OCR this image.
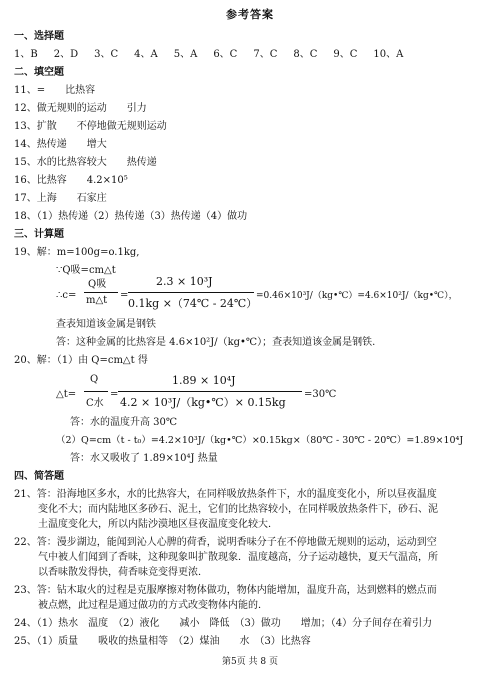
参考答案
一、选择题
1、B 2、D 3、C 4、A 5、A 6、C 7、C 8、C 9、C 10、A
二、填空题
11、=　　比热容
12、做无规则的运动　　引力
13、扩散　　不停地做无规则运动
14、热传递　　增大
15、水的比热容较大　　热传递
16、比热容　　4.2×10⁵
17、上海　　石家庄
18、（1）热传递（2）热传递（3）热传递（4）做功
三、计算题
19、解：m=100g=o.1kg,
∵Q吸=cm△t
∴c=
Q吸
m△t =
2.3 × 10³J
0.1kg ×（74℃ - 24℃）
=0.46×10³J/（kg•℃）=4.6×10²J/（kg•℃），
查表知道该金属是钢铁
答：这种金属的比热容是 4.6×10²J/（kg•℃）；查表知道该金属是钢铁.
20、解：（1）由 Q=cm△t 得
△t=
Q
C水
=
1.89 × 10⁴J
4.2 × 10³J/（kg•℃）× 0.15kg
=30℃
答：水的温度升高 30℃
（2）Q=cm（t - t₀）=4.2×10³J/（kg•℃）×0.15kg×（80℃ - 30℃ - 20℃）=1.89×10⁴J
答：水又吸收了 1.89×10⁴J 热量
四、简答题
21、答：沿海地区多水，水的比热容大，在同样吸放热条件下，水的温度变化小，所以昼夜温度
变化不大；而内陆地区多砂石、泥土，它们的比热容较小，在同样吸放热条件下，砂石、泥
土温度变化大，所以内陆沙漠地区昼夜温度变化较大．
22、答：漫步湖边，能闻到沁人心脾的荷香，说明香味分子在不停地做无规则的运动，运动到空
气中被人们闻到了香味，这种现象叫扩散现象．温度越高，分子运动越快，夏天气温高，所
以香味散发得快，荷香味竞变得更浓．
23、答：钻木取火的过程是克服摩擦对物体做功，物体内能增加，温度升高，达到燃料的燃点而
被点燃，此过程是通过做功的方式改变物体内能的．
24、（1）热水　温度　（2）液化　　减小　降低　（3）做功　　增加；（4）分子间存在着引力
25、（1）质量　　吸收的热量相等　（2）煤油　　水　（3）比热容
第5页 共 8 页
